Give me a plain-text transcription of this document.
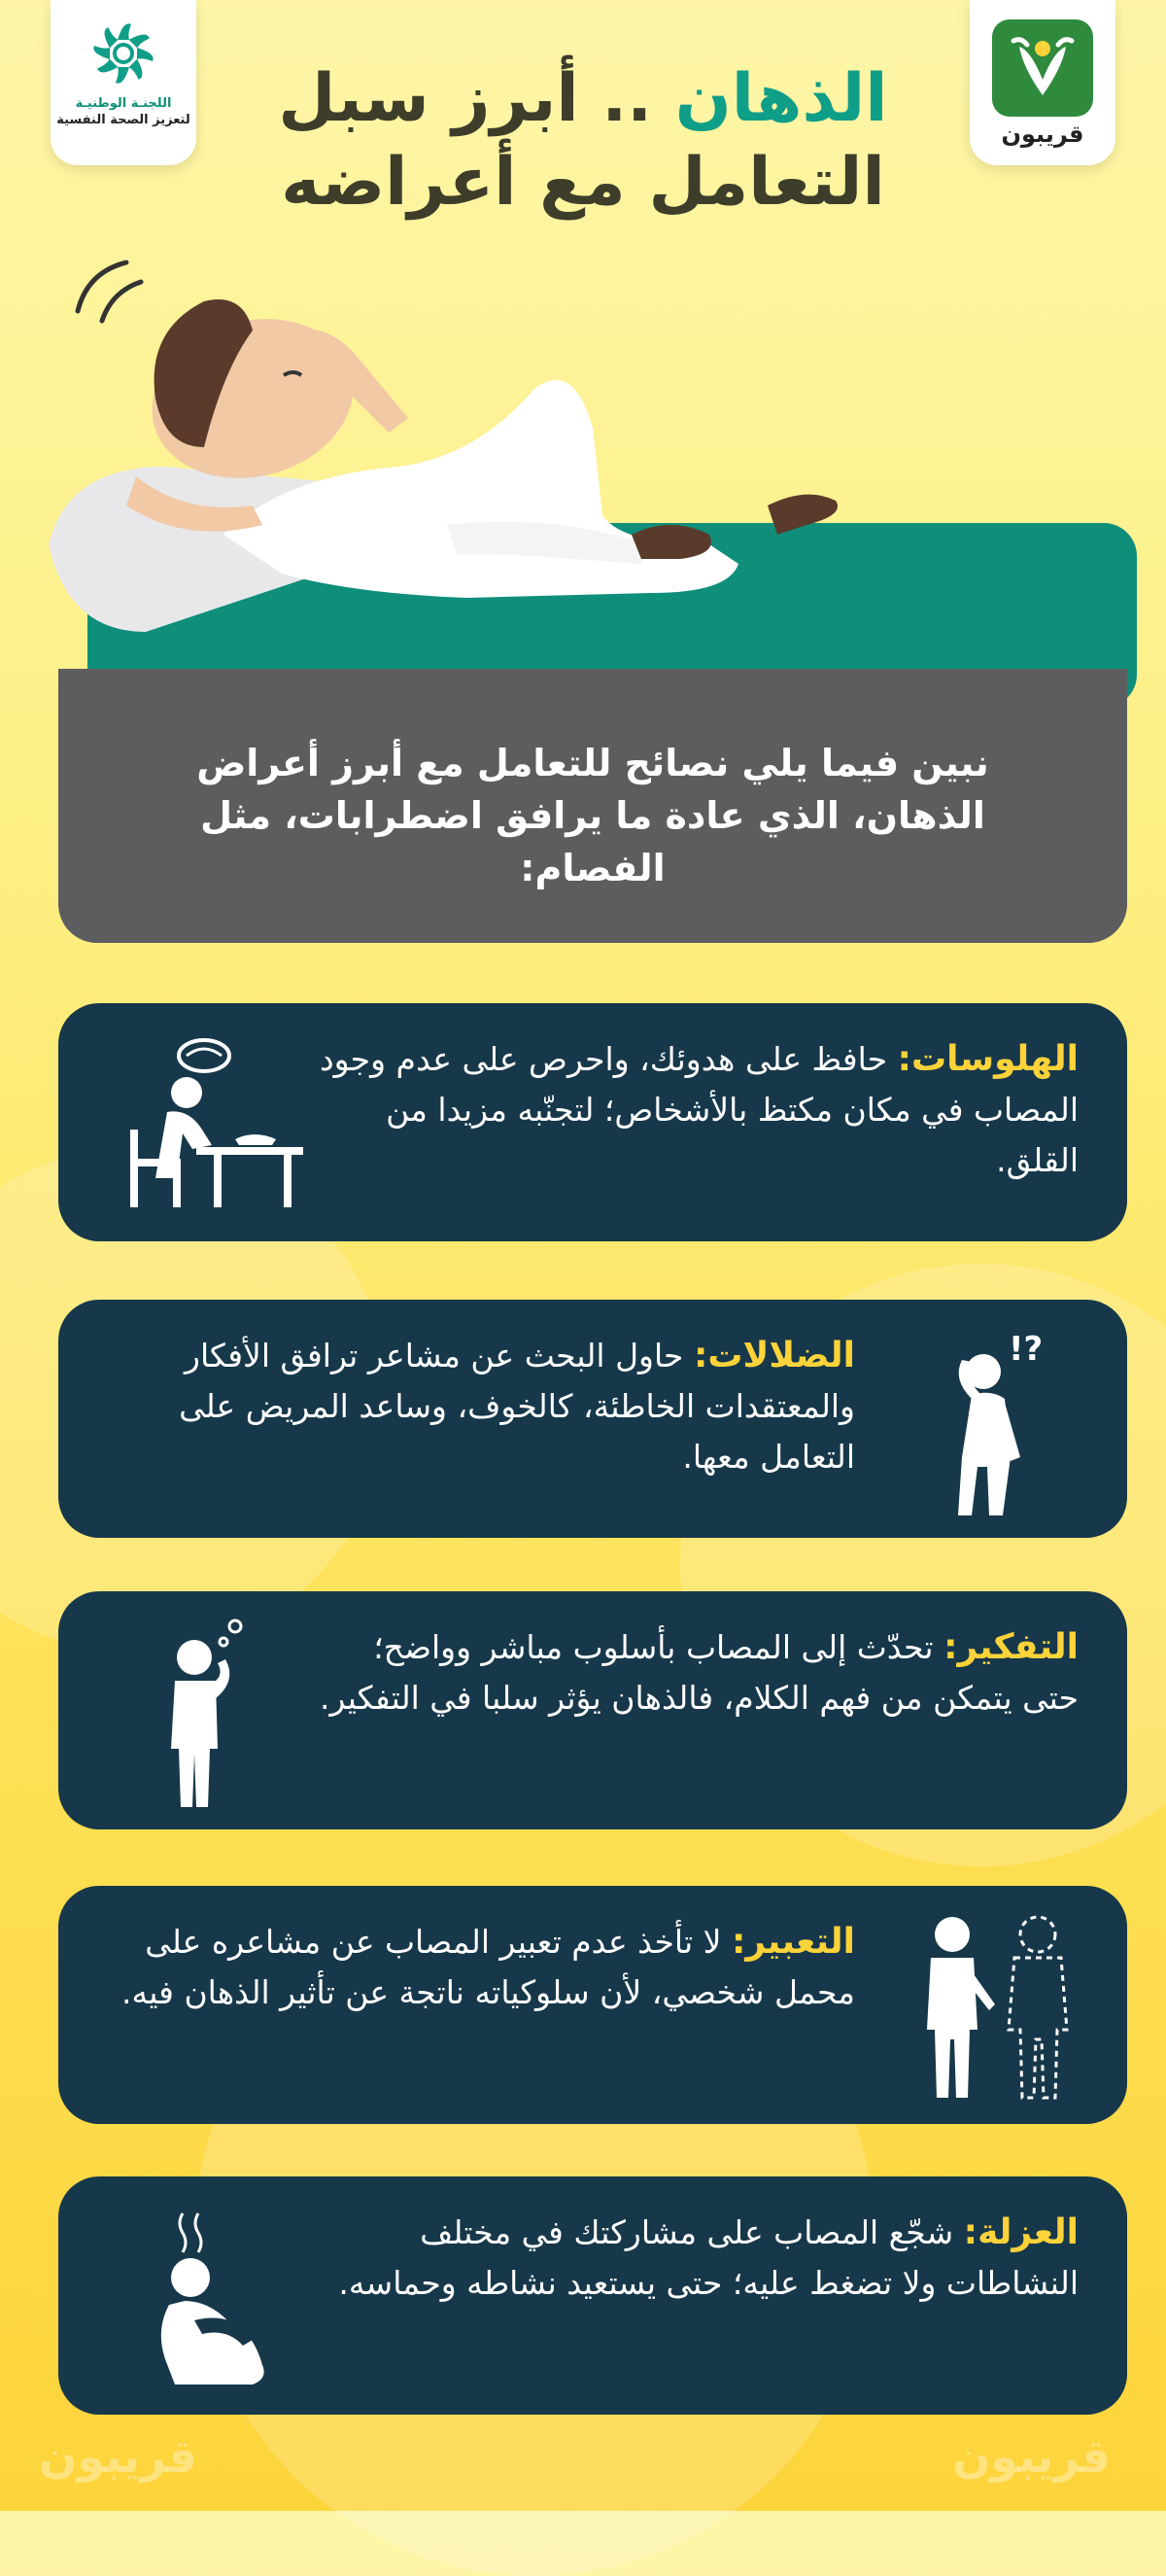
اللجنـة الوطنيـة
لتعزيز الصحة النفسية
قريبون
الذهان .. أبرز سبل
التعامل مع أعراضه

نبين فيما يلي نصائح للتعامل مع أبرز أعراض الذهان، الذي عادة ما يرافق اضطرابات، مثل الفصام:

الهلوسات: حافظ على هدوئك، واحرص على عدم وجود المصاب في مكان مكتظ بالأشخاص؛ لتجنّبه مزيدا من القلق.

الضلالات: حاول البحث عن مشاعر ترافق الأفكار والمعتقدات الخاطئة، كالخوف، وساعد المريض على التعامل معها.

!?

التفكير: تحدّث إلى المصاب بأسلوب مباشر وواضح؛ حتى يتمكن من فهم الكلام، فالذهان يؤثر سلبا في التفكير.

التعبير: لا تأخذ عدم تعبير المصاب عن مشاعره على محمل شخصي، لأن سلوكياته ناتجة عن تأثير الذهان فيه.

العزلة: شجّع المصاب على مشاركتك في مختلف النشاطات ولا تضغط عليه؛ حتى يستعيد نشاطه وحماسه.

قريبون	قريبون
